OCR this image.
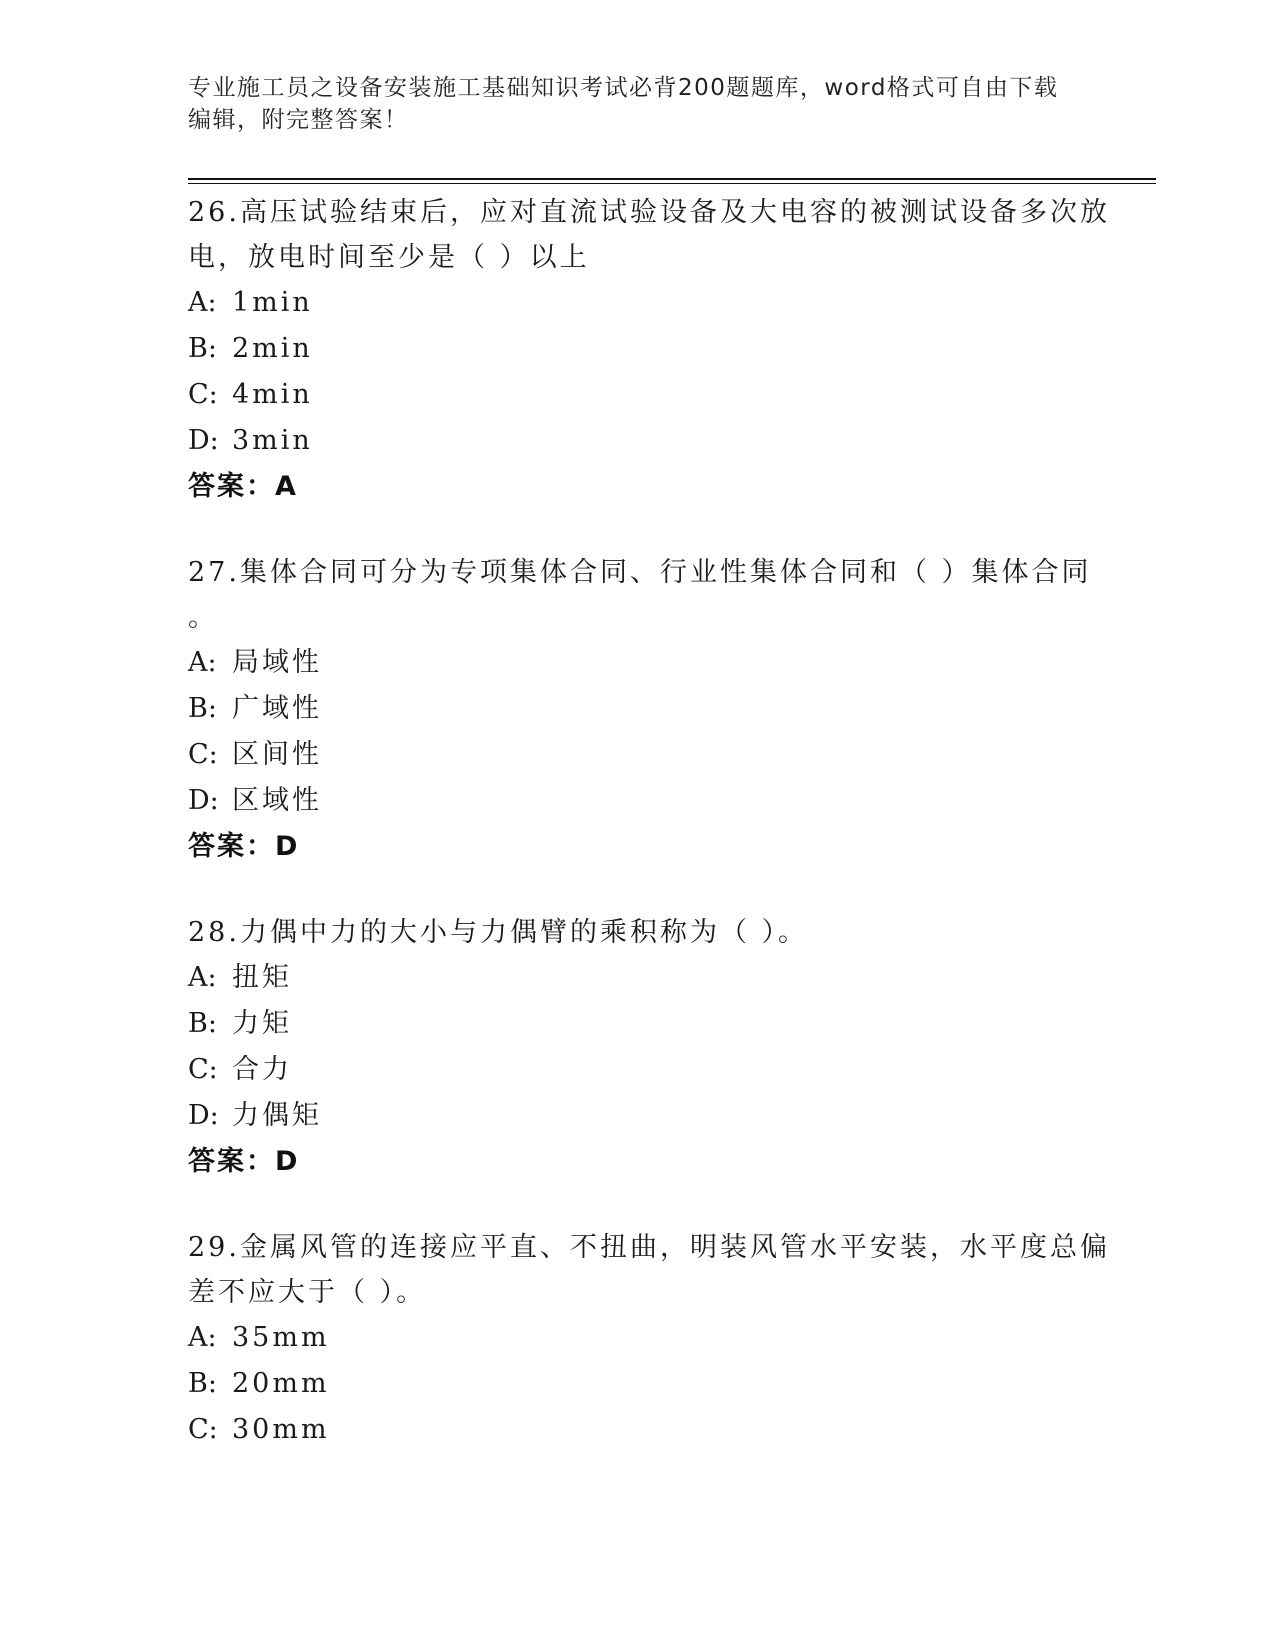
专业施工员之设备安装施工基础知识考试必背200题题库，word格式可自由下载
编辑，附完整答案！
26.高压试验结束后，应对直流试验设备及大电容的被测试设备多次放
电，放电时间至少是（ ）以上
A: 1min
B: 2min
C: 4min
D: 3min
答案：A
27.集体合同可分为专项集体合同、行业性集体合同和（ ）集体合同
。
A: 局域性
B: 广域性
C: 区间性
D: 区域性
答案：D
28.力偶中力的大小与力偶臂的乘积称为（ ）。
A: 扭矩
B: 力矩
C: 合力
D: 力偶矩
答案：D
29.金属风管的连接应平直、不扭曲，明装风管水平安装，水平度总偏
差不应大于（ ）。
A: 35mm
B: 20mm
C: 30mm
